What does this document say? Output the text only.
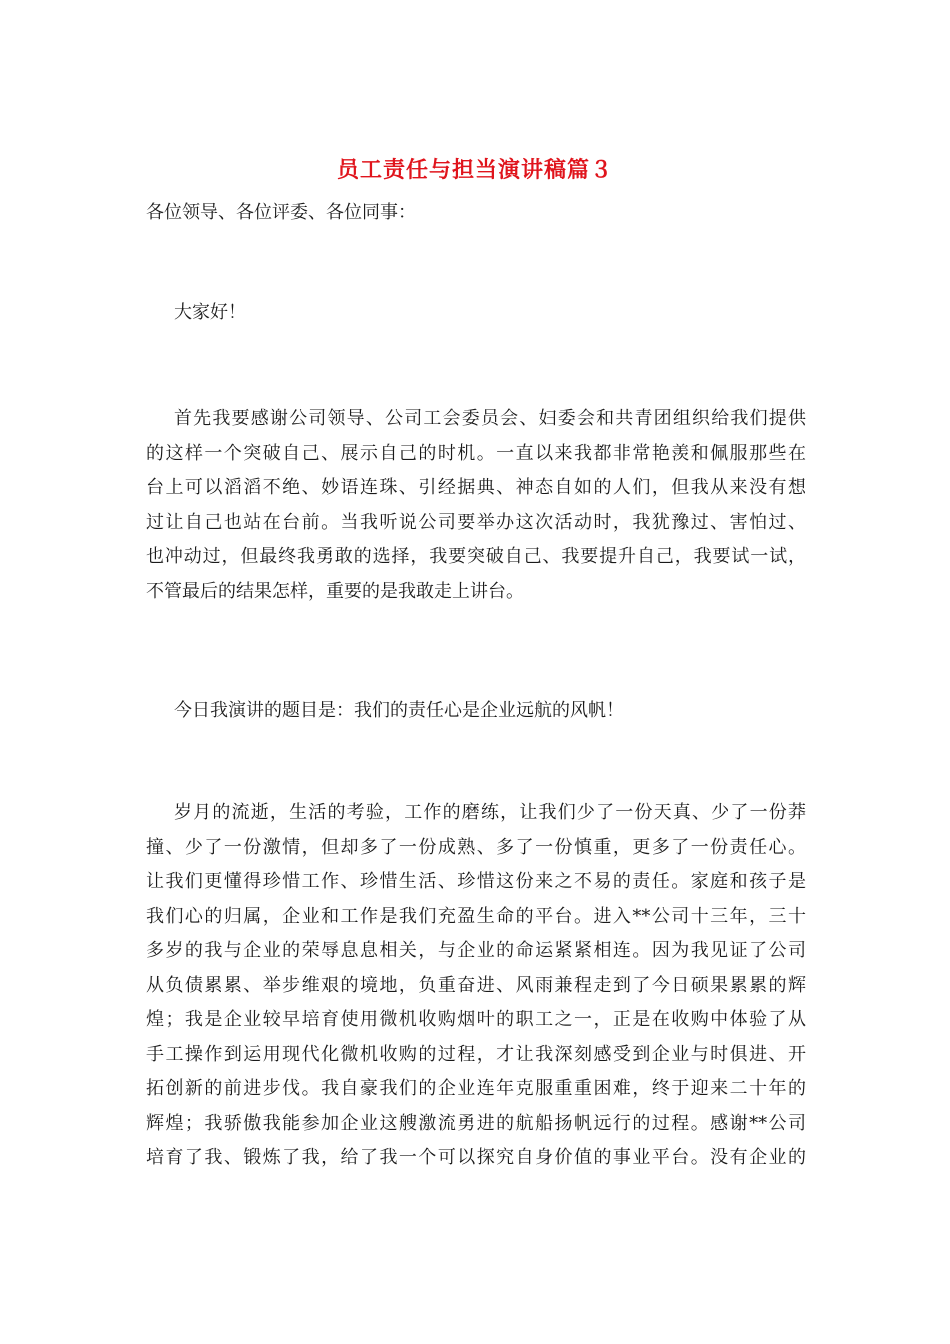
员工责任与担当演讲稿篇３
各位领导、各位评委、各位同事：
大家好！
首先我要感谢公司领导、公司工会委员会、妇委会和共青团组织给我们提供
的这样一个突破自己、展示自己的时机。一直以来我都非常艳羡和佩服那些在
台上可以滔滔不绝、妙语连珠、引经据典、神态自如的人们，但我从来没有想
过让自己也站在台前。当我听说公司要举办这次活动时，我犹豫过、害怕过、
也冲动过，但最终我勇敢的选择，我要突破自己、我要提升自己，我要试一试，
不管最后的结果怎样，重要的是我敢走上讲台。
今日我演讲的题目是：我们的责任心是企业远航的风帆！
岁月的流逝，生活的考验，工作的磨练，让我们少了一份天真、少了一份莽
撞、少了一份激情，但却多了一份成熟、多了一份慎重，更多了一份责任心。
让我们更懂得珍惜工作、珍惜生活、珍惜这份来之不易的责任。家庭和孩子是
我们心的归属，企业和工作是我们充盈生命的平台。进入**公司十三年，三十
多岁的我与企业的荣辱息息相关，与企业的命运紧紧相连。因为我见证了公司
从负债累累、举步维艰的境地，负重奋进、风雨兼程走到了今日硕果累累的辉
煌；我是企业较早培育使用微机收购烟叶的职工之一，正是在收购中体验了从
手工操作到运用现代化微机收购的过程，才让我深刻感受到企业与时俱进、开
拓创新的前进步伐。我自豪我们的企业连年克服重重困难，终于迎来二十年的
辉煌；我骄傲我能参加企业这艘激流勇进的航船扬帆远行的过程。感谢**公司
培育了我、锻炼了我，给了我一个可以探究自身价值的事业平台。没有企业的
